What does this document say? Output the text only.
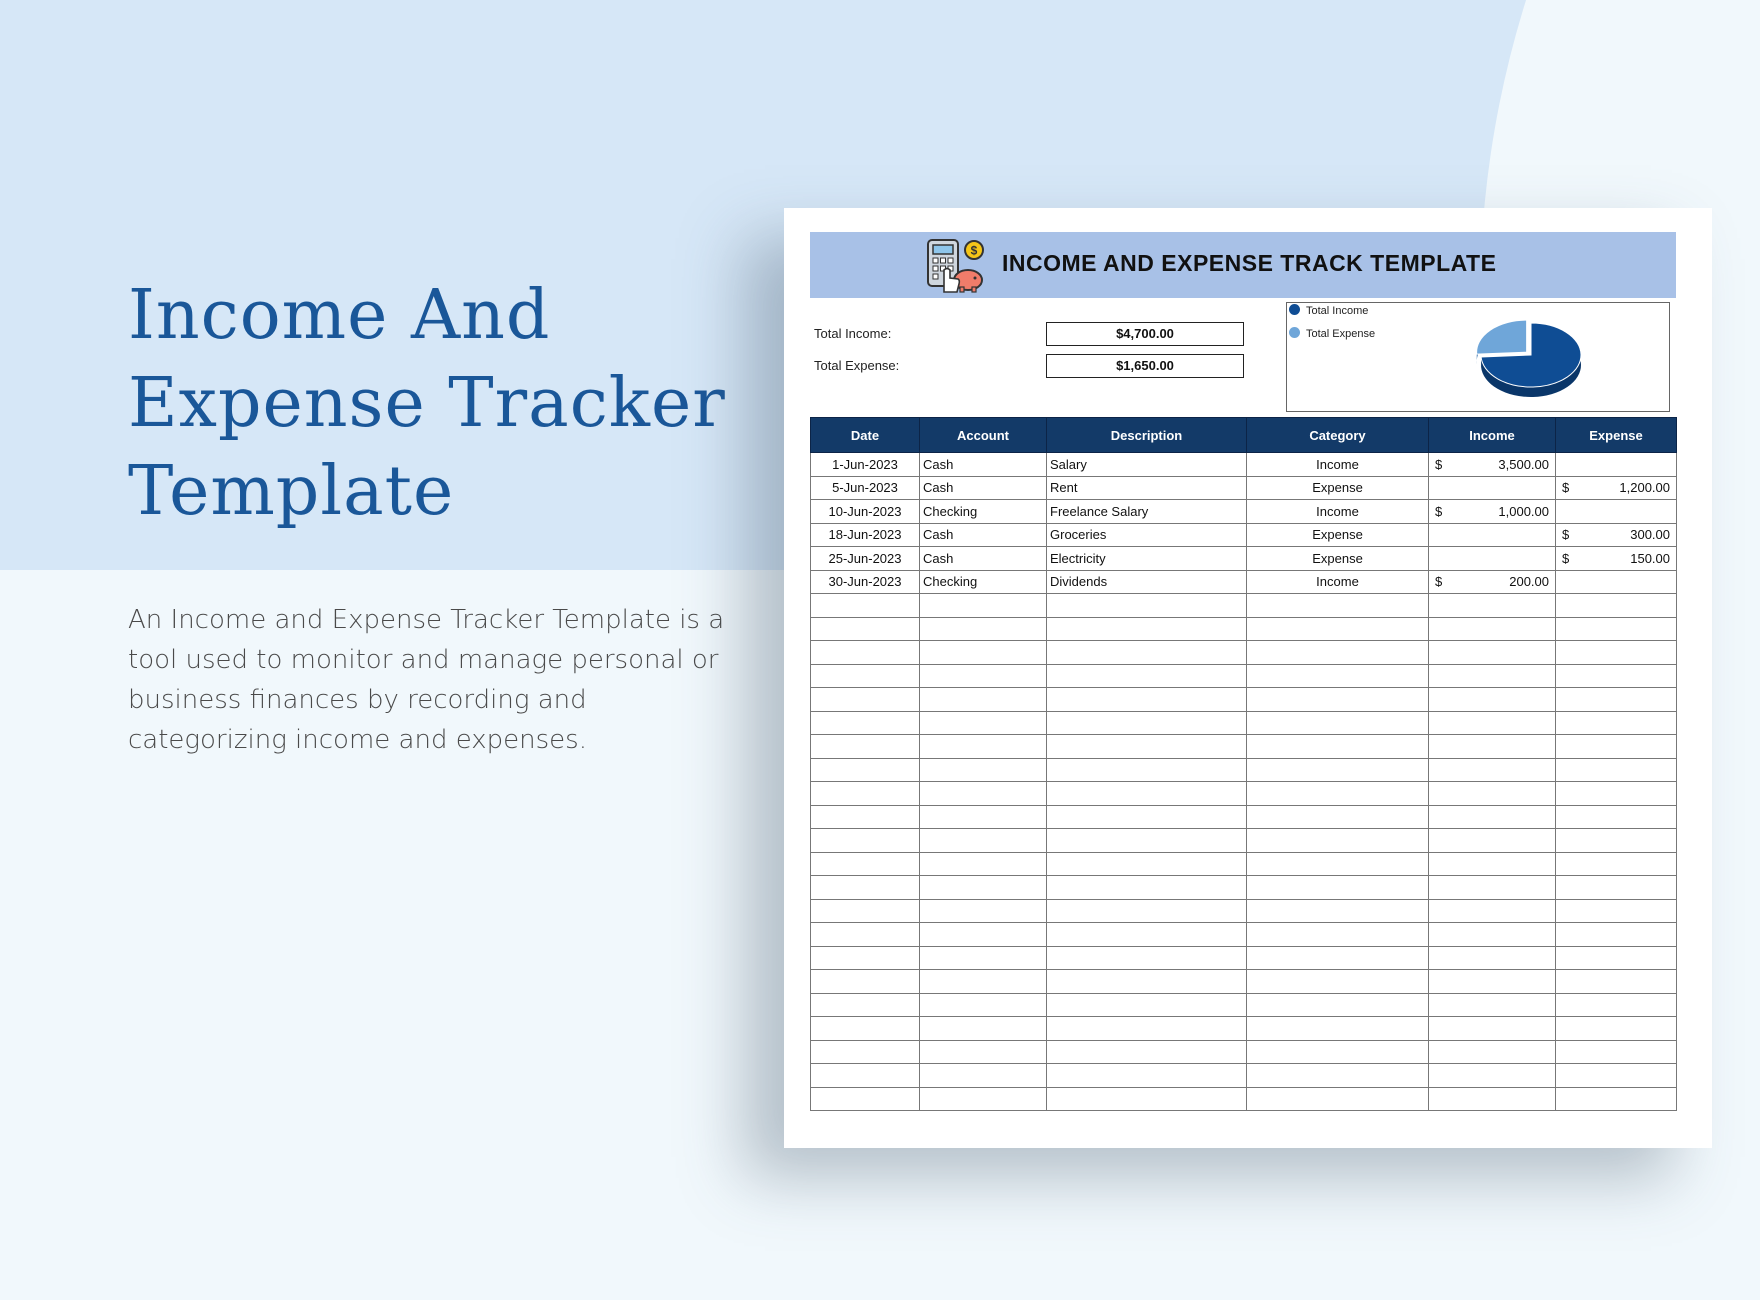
Income And Expense Tracker Template

An Income and Expense Tracker Template is a tool used to monitor and manage personal or business finances by recording and categorizing income and expenses.

$ INCOME AND EXPENSE TRACK TEMPLATE
Total Income:	$4,700.00
Total Expense:	$1,650.00
Total Income
Total Expense
Date	Account	Description	Category	Income	Expense
1-Jun-2023	Cash	Salary	Income	$ 3,500.00	

5-Jun-2023	Cash	Rent	Expense		$ 1,200.00

10-Jun-2023	Checking	Freelance Salary	Income	$ 1,000.00	

18-Jun-2023	Cash	Groceries	Expense		$ 300.00

25-Jun-2023	Cash	Electricity	Expense		$ 150.00

30-Jun-2023	Checking	Dividends	Income	$ 200.00	
